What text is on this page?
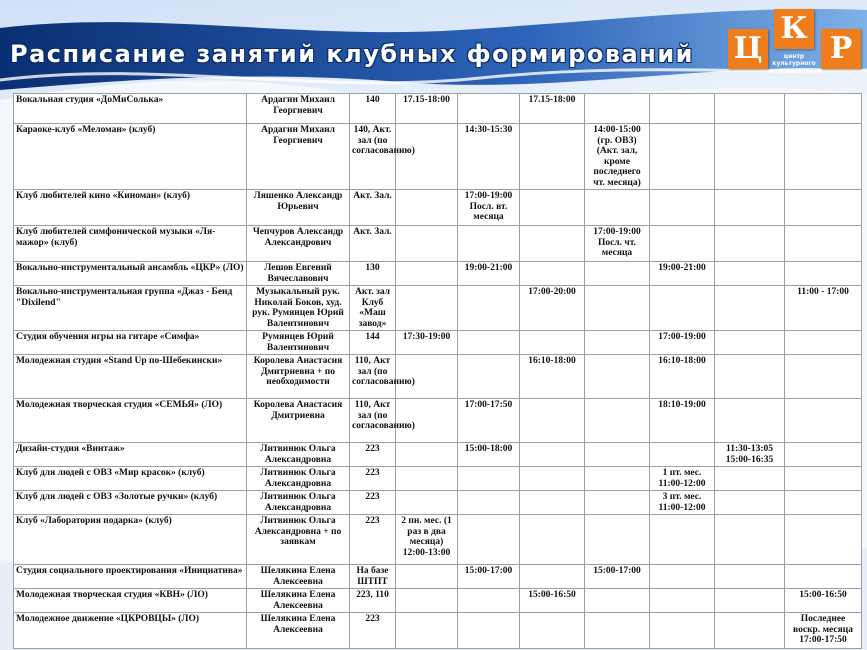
Расписание занятий клубных формирований Ц
К
Р
центр культурного развития
Вокальная студия «ДоМиСолька»	Ардагин Михаил Георгиевич	140	17.15-18:00		17.15-18:00				
Караоке-клуб «Меломан» (клуб)	Ардагин Михаил Георгиевич	140, Акт. зал (по согласованию)		14:30-15:30		14:00-15:00 (гр. ОВЗ) (Акт. зал, кроме последнего чт. месяца)			
Клуб любителей кино «Киноман» (клуб)	Ляшенко Александр Юрьевич	Акт. Зал.		17:00-19:00 Посл. вт. месяца					
Клуб любителей симфонической музыки «Ля-мажор» (клуб)	Чепчуров Александр Александрович	Акт. Зал.				17:00-19:00 Посл. чт. месяца			
Вокально-инструментальный ансамбль «ЦКР» (ЛО)	Лешов Евгений Вячеславович	130		19:00-21:00			19:00-21:00		
Вокально-инструментальная группа «Джаз - Бенд "Dixilend"	Музыкальный рук. Николай Боков, худ. рук. Румянцев Юрий Валентинович	Акт. зал Клуб «Маш завод»			17:00-20:00				11:00 - 17:00
Студия обучения игры на гитаре «Симфа»	Румянцев Юрий Валентинович	144	17:30-19:00				17:00-19:00		
Молодежная студия «Stand Up по-Шебекински»	Королева Анастасия Дмитриевна + по необходимости	110, Акт зал (по согласованию)			16:10-18:00		16:10-18:00		
Молодежная творческая студия «СЕМЬЯ» (ЛО)	Королева Анастасия Дмитриевна	110, Акт зал (по согласованию)		17:00-17:50			18:10-19:00		
Дизайн-студия «Винтаж»	Литвинюк Ольга Александровна	223		15:00-18:00				11:30-13:05 15:00-16:35	
Клуб для людей с ОВЗ «Мир красок» (клуб)	Литвинюк Ольга Александровна	223					1 пт. мес. 11:00-12:00		
Клуб для людей с ОВЗ «Золотые ручки» (клуб)	Литвинюк Ольга Александровна	223					3 пт. мес. 11:00-12:00		
Клуб «Лаборатория подарка» (клуб)	Литвинюк Ольга Александровна + по заявкам	223	2 пн. мес. (1 раз в два месяца) 12:00-13:00						
Студия социального проектирования «Инициатива»	Шелякина Елена Алексеевна	На базе ШТПТ		15:00-17:00		15:00-17:00			
Молодежная творческая студия «КВН» (ЛО)	Шелякина Елена Алексеевна	223, 110			15:00-16:50				15:00-16:50
Молодежное движение «ЦКРОВЦЫ» (ЛО)	Шелякина Елена Алексеевна	223							Последнее воскр. месяца 17:00-17:50
